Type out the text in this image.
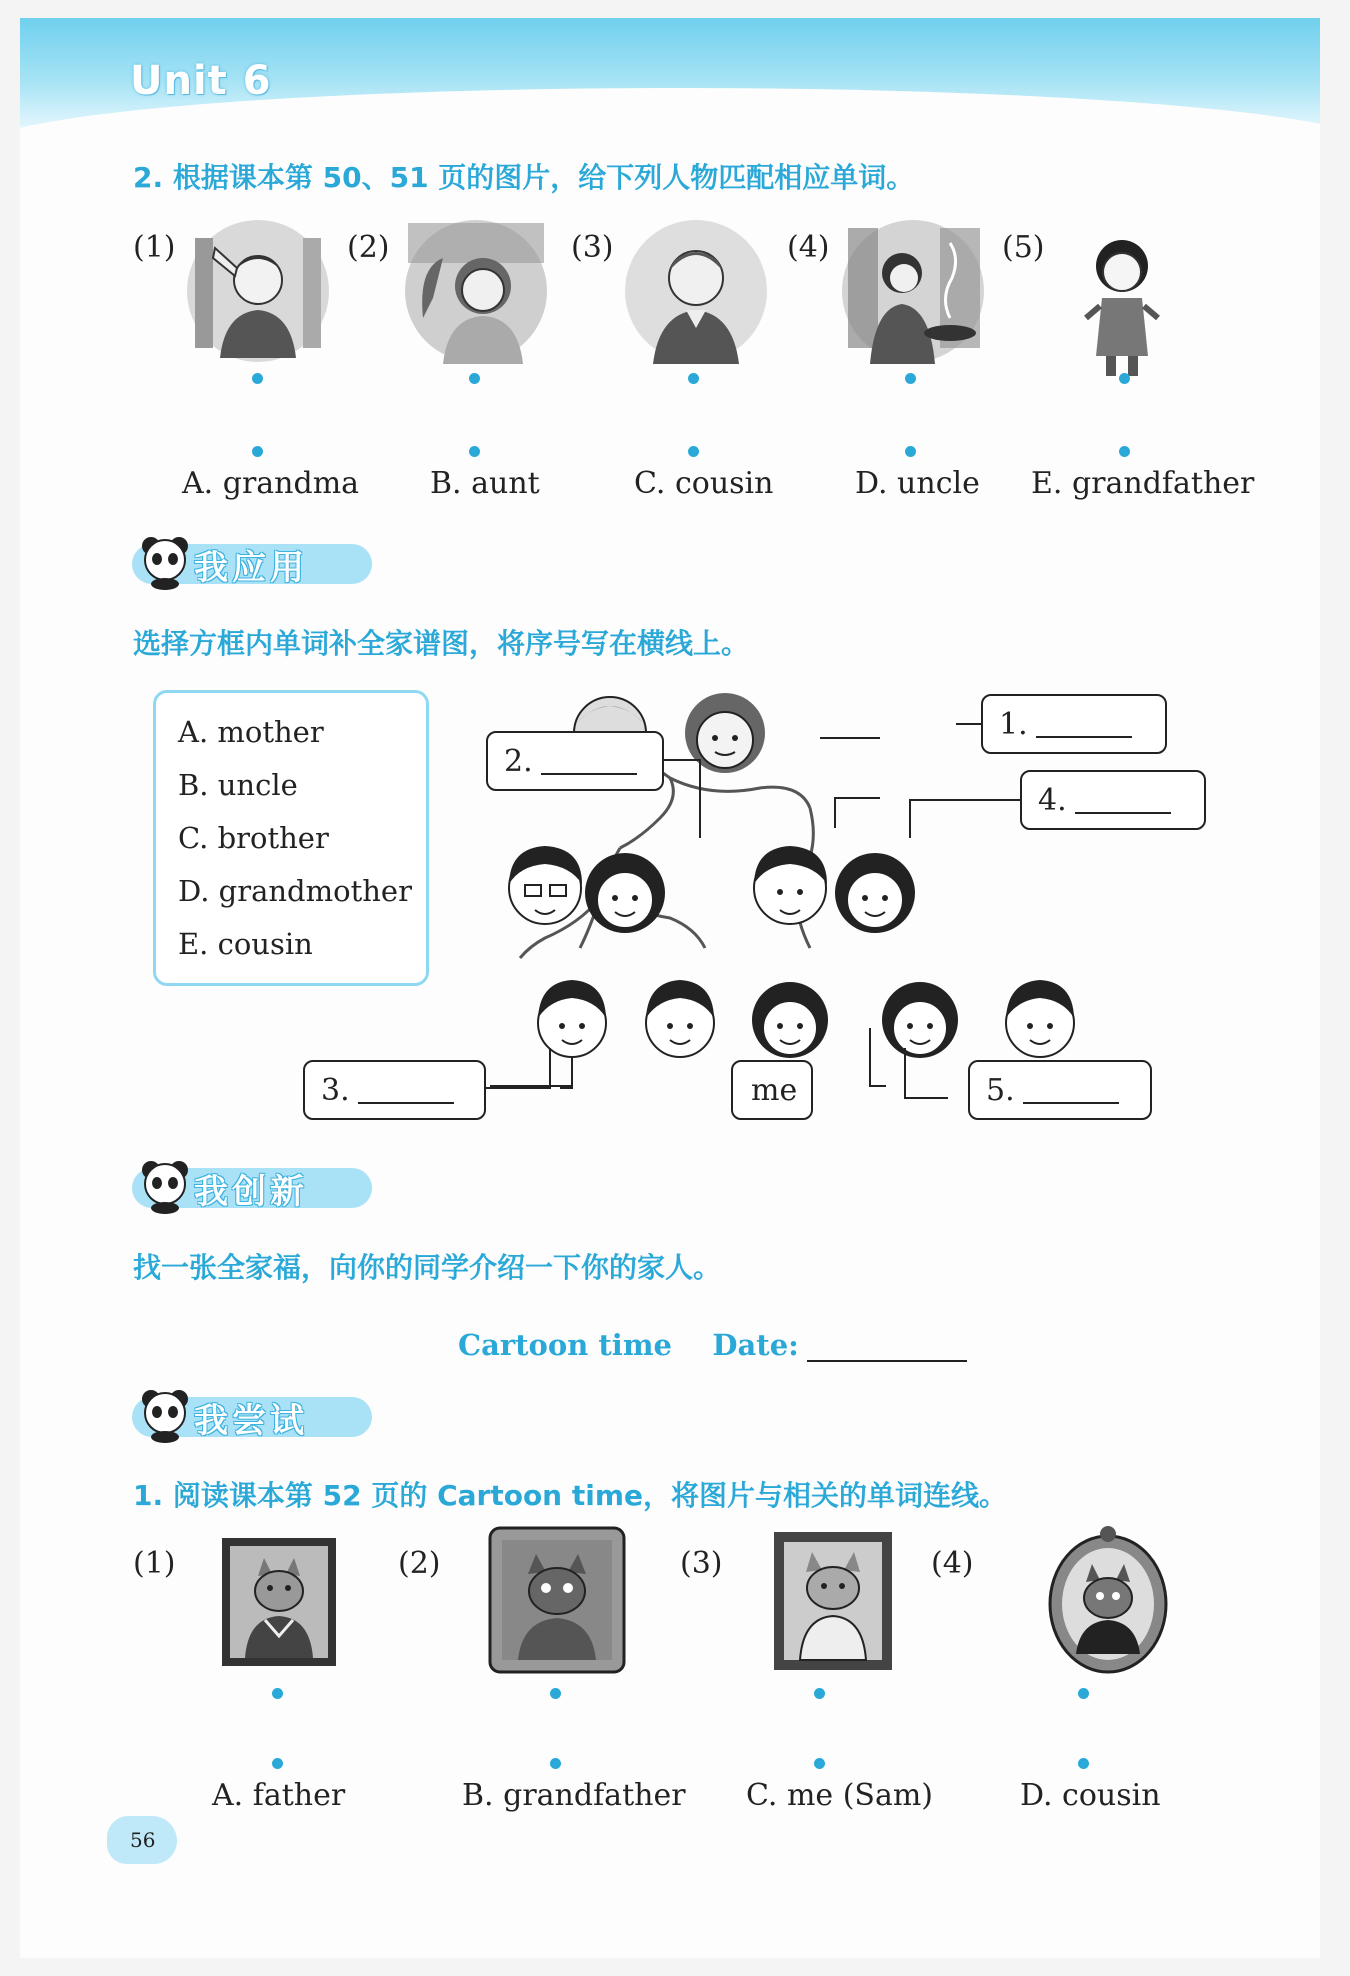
Unit 6
2. 根据课本第 50、51 页的图片，给下列人物匹配相应单词。
(1)	(2)	(3)	(4)	(5)
A. grandma B. aunt	C. cousin	D. uncle E. grandfather
我应用
选择方框内单词补全家谱图，将序号写在横线上。
A. mother
B. uncle
C. brother
D. grandmother
E. cousin
1.
2.
4.
3.	me	5.
我创新
找一张全家福，向你的同学介绍一下你的家人。
Cartoon time Date:
我尝试
1. 阅读课本第 52 页的 Cartoon time，将图片与相关的单词连线。
(1)	(2)	(3)	(4)
A. father	B. grandfather C. me (Sam)	D. cousin
56
